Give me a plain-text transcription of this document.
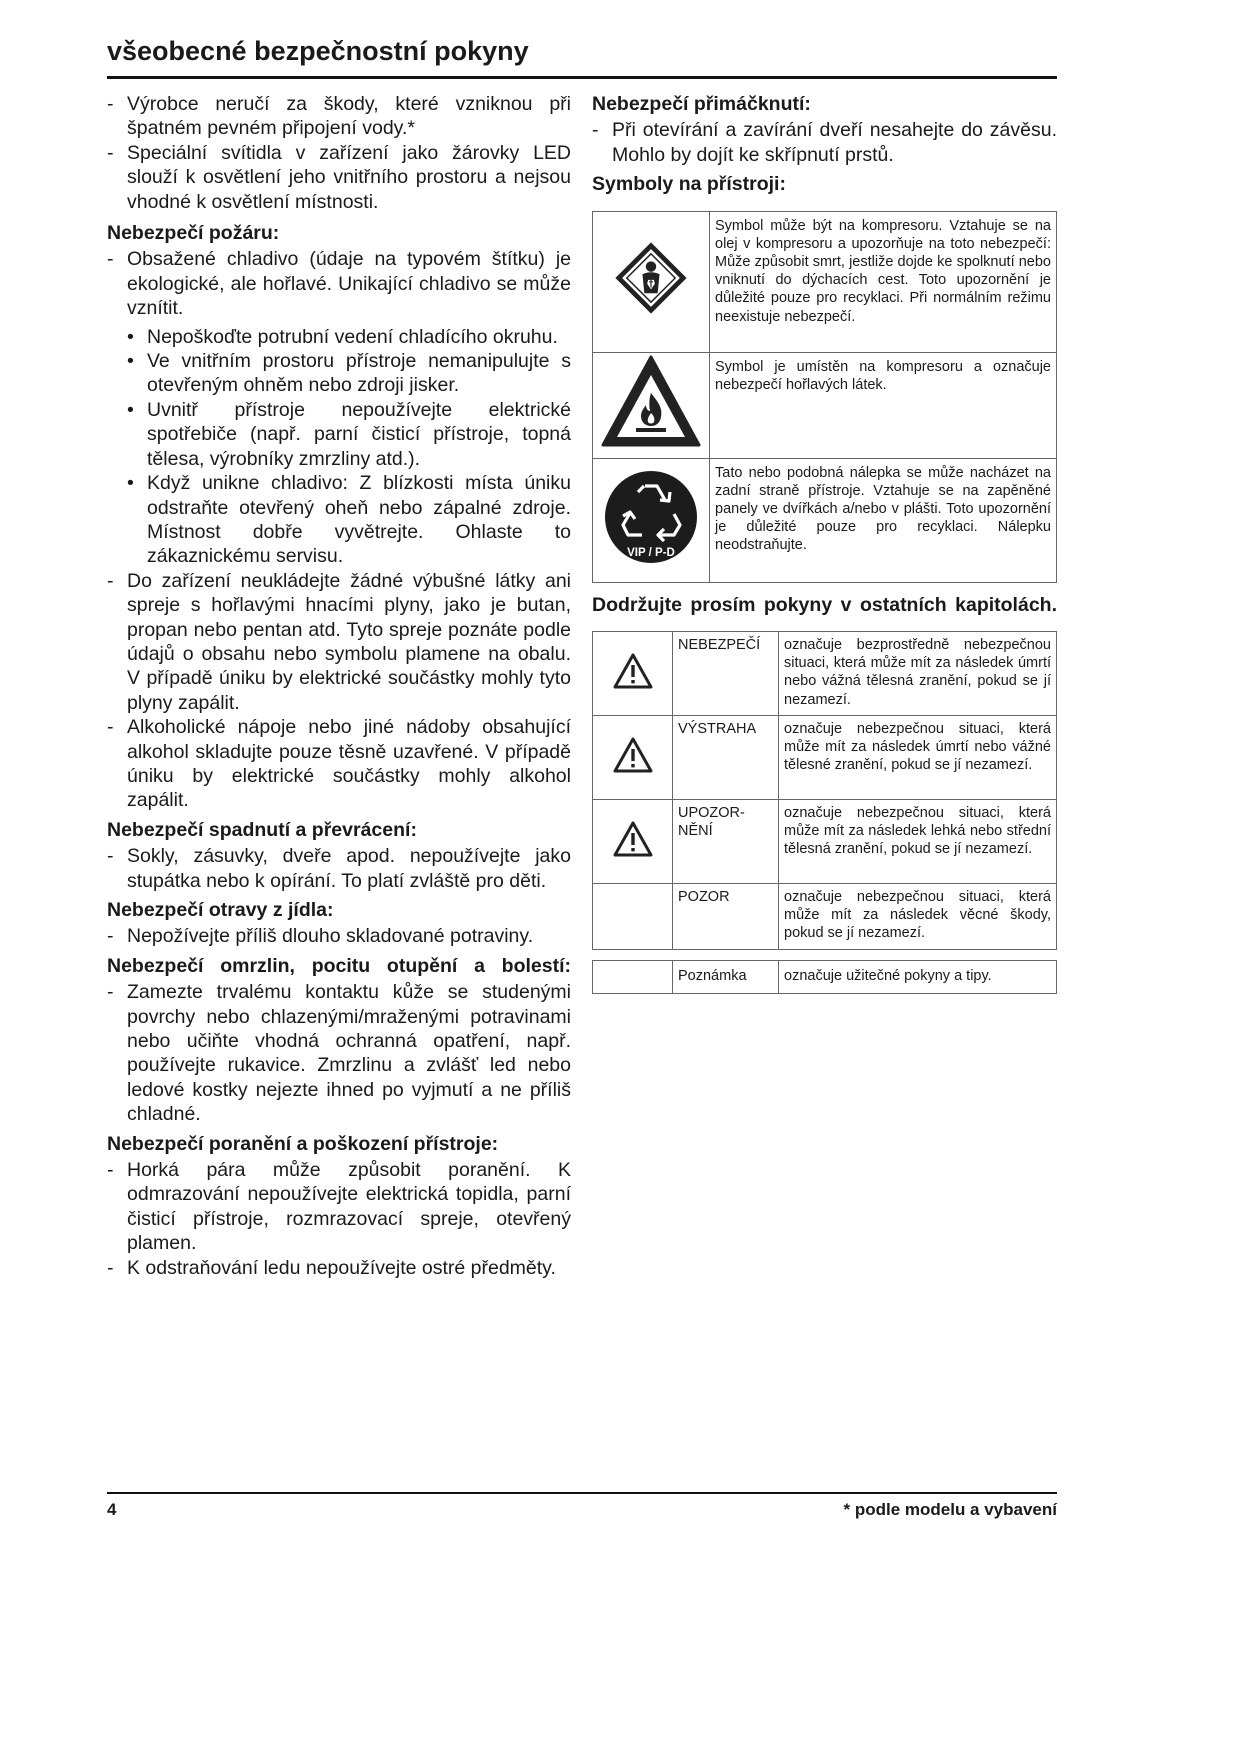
všeobecné bezpečnostní pokyny
- Výrobce neručí za škody, které vzniknou při špatném pevném připojení vody.*
- Speciální svítidla v zařízení jako žárovky LED slouží k osvětlení jeho vnitřního prostoru a nejsou vhodné k osvětlení místnosti.
Nebezpečí požáru:
- Obsažené chladivo (údaje na typovém štítku) je ekologické, ale hořlavé. Unikající chladivo se může vznítit.
• Nepoškoďte potrubní vedení chladícího okruhu.
• Ve vnitřním prostoru přístroje nemanipulujte s otevřeným ohněm nebo zdroji jisker.
• Uvnitř přístroje nepoužívejte elektrické spotřebiče (např. parní čisticí přístroje, topná tělesa, výrobníky zmrzliny atd.).
• Když unikne chladivo: Z blízkosti místa úniku odstraňte otevřený oheň nebo zápalné zdroje. Místnost dobře vyvětrejte. Ohlaste to zákaznickému servisu.
- Do zařízení neukládejte žádné výbušné látky ani spreje s hořlavými hnacími plyny, jako je butan, propan nebo pentan atd. Tyto spreje poznáte podle údajů o obsahu nebo symbolu plamene na obalu. V případě úniku by elektrické součástky mohly tyto plyny zapálit.
- Alkoholické nápoje nebo jiné nádoby obsahující alkohol skladujte pouze těsně uzavřené. V případě úniku by elektrické součástky mohly alkohol zapálit.
Nebezpečí spadnutí a převrácení:
- Sokly, zásuvky, dveře apod. nepoužívejte jako stupátka nebo k opírání. To platí zvláště pro děti.
Nebezpečí otravy z jídla:
- Nepožívejte příliš dlouho skladované potraviny.
Nebezpečí omrzlin, pocitu otupění a bolestí:
- Zamezte trvalému kontaktu kůže se studenými povrchy nebo chlazenými/mraženými potravinami nebo učiňte vhodná ochranná opatření, např. používejte rukavice. Zmrzlinu a zvlášť led nebo ledové kostky nejezte ihned po vyjmutí a ne příliš chladné.
Nebezpečí poranění a poškození přístroje:
- Horká pára může způsobit poranění. K odmrazování nepoužívejte elektrická topidla, parní čisticí přístroje, rozmrazovací spreje, otevřený plamen.
- K odstraňování ledu nepoužívejte ostré předměty.
Nebezpečí přimáčknutí:
- Při otevírání a zavírání dveří nesahejte do závěsu. Mohlo by dojít ke skřípnutí prstů.
Symboly na přístroji:
	Symbol může být na kompresoru. Vztahuje se na olej v kompresoru a upozorňuje na toto nebezpečí: Může způsobit smrt, jestliže dojde ke spolknutí nebo vniknutí do dýchacích cest. Toto upozornění je důležité pouze pro recyklaci. Při normálním režimu neexistuje nebezpečí.
	Symbol je umístěn na kompresoru a označuje nebezpečí hořlavých látek.

VIP / P-D	Tato nebo podobná nálepka se může nacházet na zadní straně přístroje. Vztahuje se na zapěněné panely ve dvířkách a/nebo v plášti. Toto upozornění je důležité pouze pro recyklaci. Nálepku neodstraňujte.
Dodržujte prosím pokyny v ostatních kapitolách.
	NEBEZPEČÍ	označuje bezprostředně nebezpečnou situaci, která může mít za následek úmrtí nebo vážná tělesná zranění, pokud se jí nezamezí.
	VÝSTRAHA	označuje nebezpečnou situaci, která může mít za následek úmrtí nebo vážné tělesné zranění, pokud se jí nezamezí.
	UPOZOR-
NĚNÍ	označuje nebezpečnou situaci, která může mít za následek lehká nebo střední tělesná zranění, pokud se jí nezamezí.
	POZOR	označuje nebezpečnou situaci, která může mít za následek věcné škody, pokud se jí nezamezí.
	Poznámka	označuje užitečné pokyny a tipy.
4	* podle modelu a vybavení
